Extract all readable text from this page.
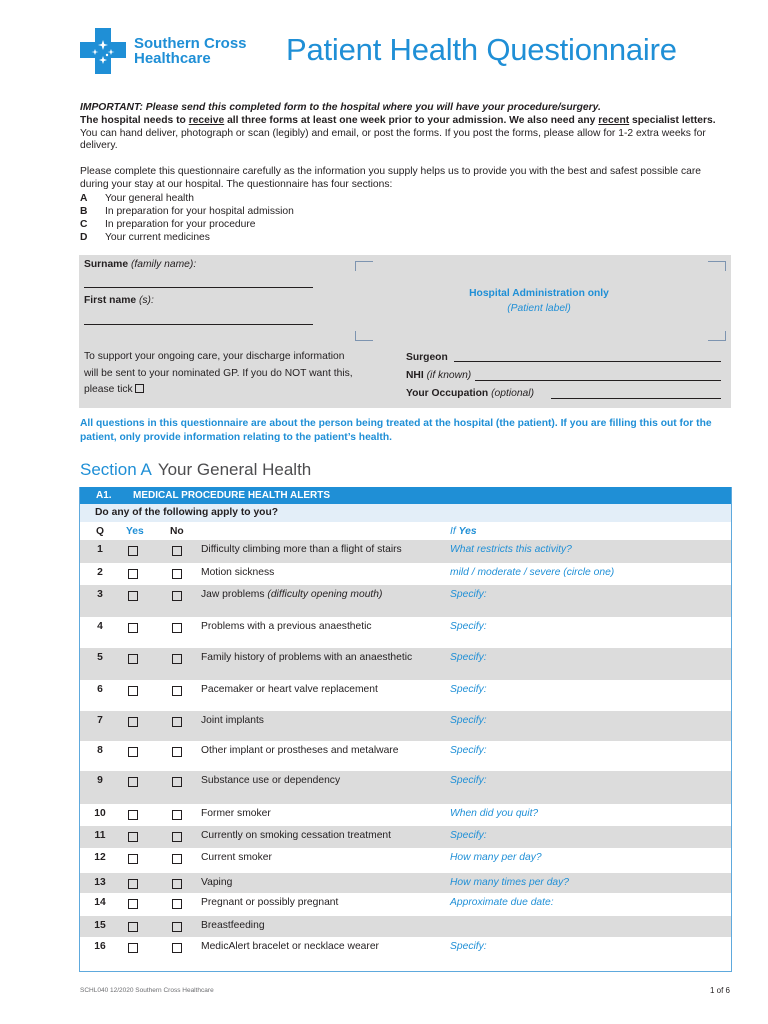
Southern Cross
Healthcare	Patient Health Questionnaire
IMPORTANT: Please send this completed form to the hospital where you will have your procedure/surgery.
The hospital needs to receive all three forms at least one week prior to your admission. We also need any recent specialist letters. You can hand deliver, photograph or scan (legibly) and email, or post the forms. If you post the forms, please allow for 1-2 extra weeks for delivery.
Please complete this questionnaire carefully as the information you supply helps us to provide you with the best and safest possible care during your stay at our hospital. The questionnaire has four sections:
A	Your general health
B	In preparation for your hospital admission
C	In preparation for your procedure
D	Your current medicines
Surname (family name):
First name (s):
To support your ongoing care, your discharge information will be sent to your nominated GP. If you do NOT want this, please tick
Hospital Administration only
(Patient label)
Surgeon
NHI (if known)
Your Occupation (optional)
All questions in this questionnaire are about the person being treated at the hospital (the patient). If you are filling this out for the patient, only provide information relating to the patient’s health.
Section A Your General Health
A1. MEDICAL PROCEDURE HEALTH ALERTS
Do any of the following apply to you?
Q Yes	No	If Yes
1	Difficulty climbing more than a flight of stairs	What restricts this activity?
2	Motion sickness	mild / moderate / severe (circle one)
3	Jaw problems (difficulty opening mouth)	Specify:
4	Problems with a previous anaesthetic	Specify:
5	Family history of problems with an anaesthetic	Specify:
6	Pacemaker or heart valve replacement	Specify:
7	Joint implants	Specify:
8	Other implant or prostheses and metalware	Specify:
9	Substance use or dependency	Specify:
10	Former smoker	When did you quit?
11	Currently on smoking cessation treatment	Specify:
12	Current smoker	How many per day?
13	Vaping	How many times per day?
14	Pregnant or possibly pregnant	Approximate due date:
15	Breastfeeding
16	MedicAlert bracelet or necklace wearer	Specify:
SCHL040 12/2020 Southern Cross Healthcare	1 of 6
